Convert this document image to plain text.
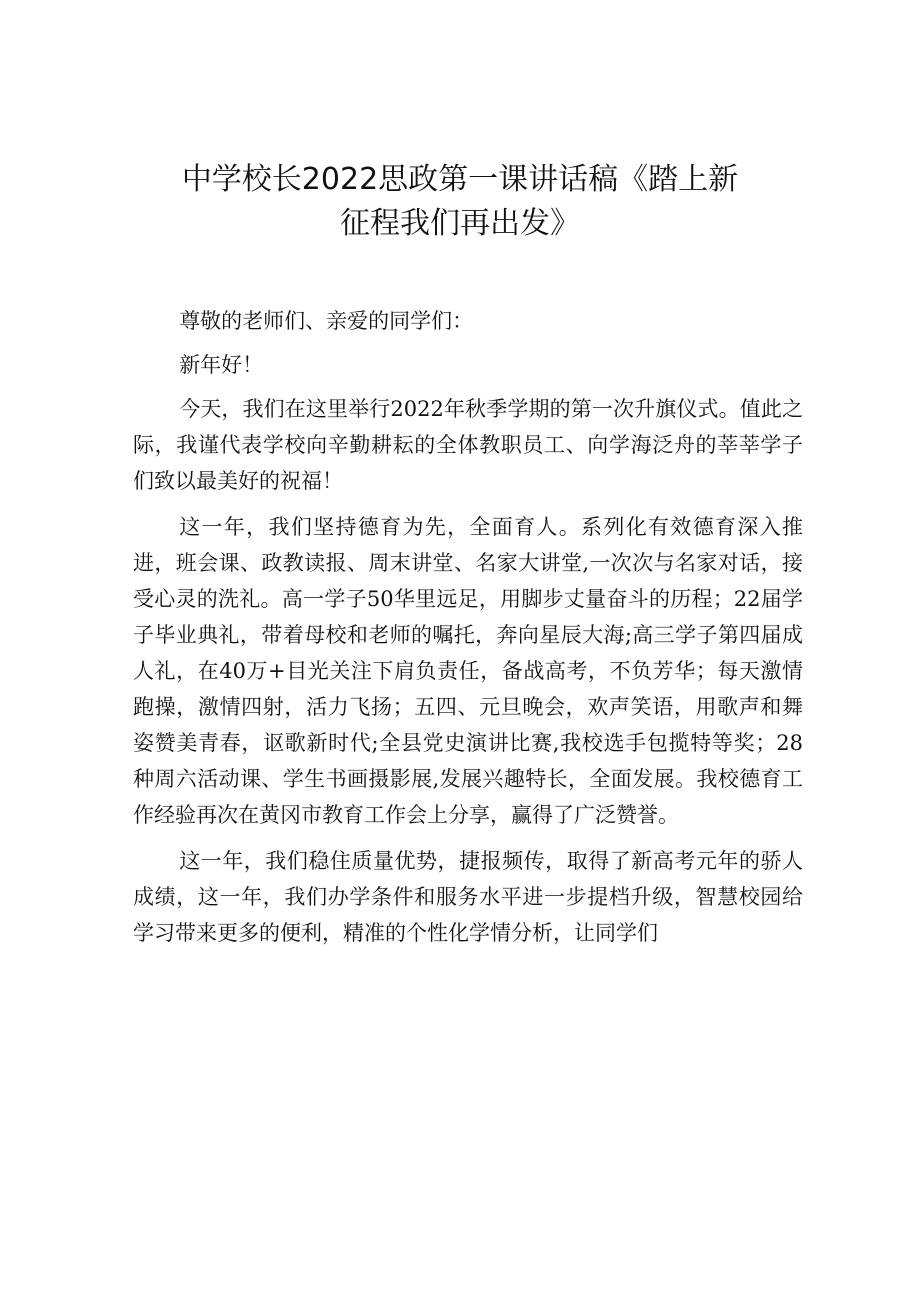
中学校长2022思政第一课讲话稿《踏上新
征程我们再出发》

尊敬的老师们、亲爱的同学们：

新年好！

今天，我们在这里举行2022年秋季学期的第一次升旗仪式。值此之际，我谨代表学校向辛勤耕耘的全体教职员工、向学海泛舟的莘莘学子们致以最美好的祝福！

这一年，我们坚持德育为先，全面育人。系列化有效德育深入推进，班会课、政教读报、周末讲堂、名家大讲堂,一次次与名家对话，接受心灵的洗礼。高一学子50华里远足，用脚步丈量奋斗的历程；22届学子毕业典礼，带着母校和老师的嘱托，奔向星辰大海;高三学子第四届成人礼，在40万+目光关注下肩负责任，备战高考，不负芳华；每天激情跑操，激情四射，活力飞扬；五四、元旦晚会，欢声笑语，用歌声和舞姿赞美青春，讴歌新时代;全县党史演讲比赛,我校选手包揽特等奖；28种周六活动课、学生书画摄影展,发展兴趣特长，全面发展。我校德育工作经验再次在黄冈市教育工作会上分享，赢得了广泛赞誉。

这一年，我们稳住质量优势，捷报频传，取得了新高考元年的骄人成绩，这一年，我们办学条件和服务水平进一步提档升级，智慧校园给学习带来更多的便利，精准的个性化学情分析，让同学们
